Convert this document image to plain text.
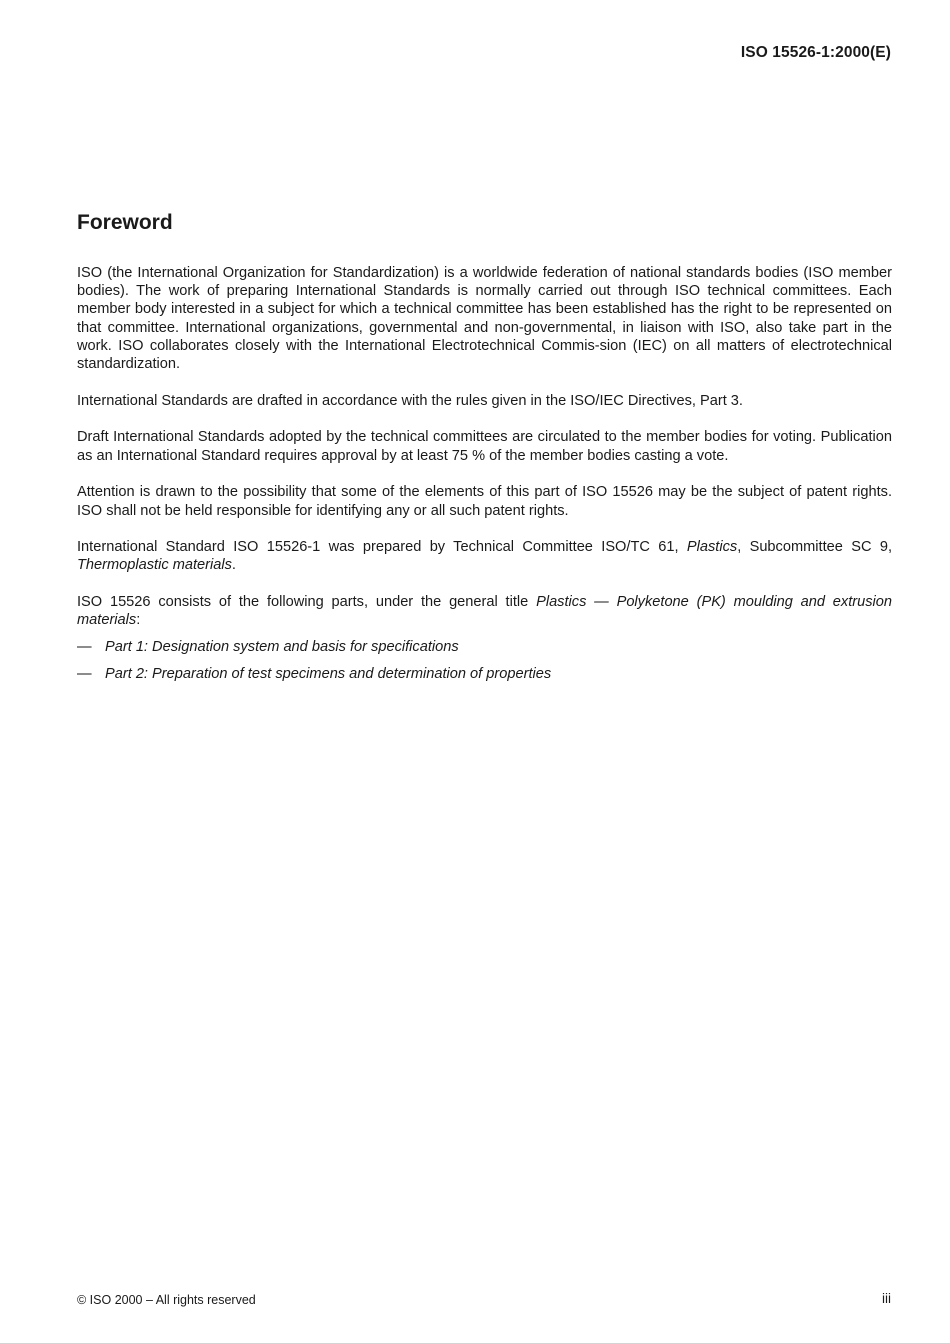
ISO 15526-1:2000(E)
Foreword

ISO (the International Organization for Standardization) is a worldwide federation of national standards bodies (ISO member bodies). The work of preparing International Standards is normally carried out through ISO technical committees. Each member body interested in a subject for which a technical committee has been established has the right to be represented on that committee. International organizations, governmental and non-governmental, in liaison with ISO, also take part in the work. ISO collaborates closely with the International Electrotechnical Commis-sion (IEC) on all matters of electrotechnical standardization.

International Standards are drafted in accordance with the rules given in the ISO/IEC Directives, Part 3.

Draft International Standards adopted by the technical committees are circulated to the member bodies for voting. Publication as an International Standard requires approval by at least 75 % of the member bodies casting a vote.

Attention is drawn to the possibility that some of the elements of this part of ISO 15526 may be the subject of patent rights. ISO shall not be held responsible for identifying any or all such patent rights.

International Standard ISO 15526-1 was prepared by Technical Committee ISO/TC 61, Plastics, Subcommittee SC 9, Thermoplastic materials.

ISO 15526 consists of the following parts, under the general title Plastics — Polyketone (PK) moulding and extrusion materials:

— Part 1: Designation system and basis for specifications
— Part 2: Preparation of test specimens and determination of properties
© ISO 2000 – All rights reserved	iii
